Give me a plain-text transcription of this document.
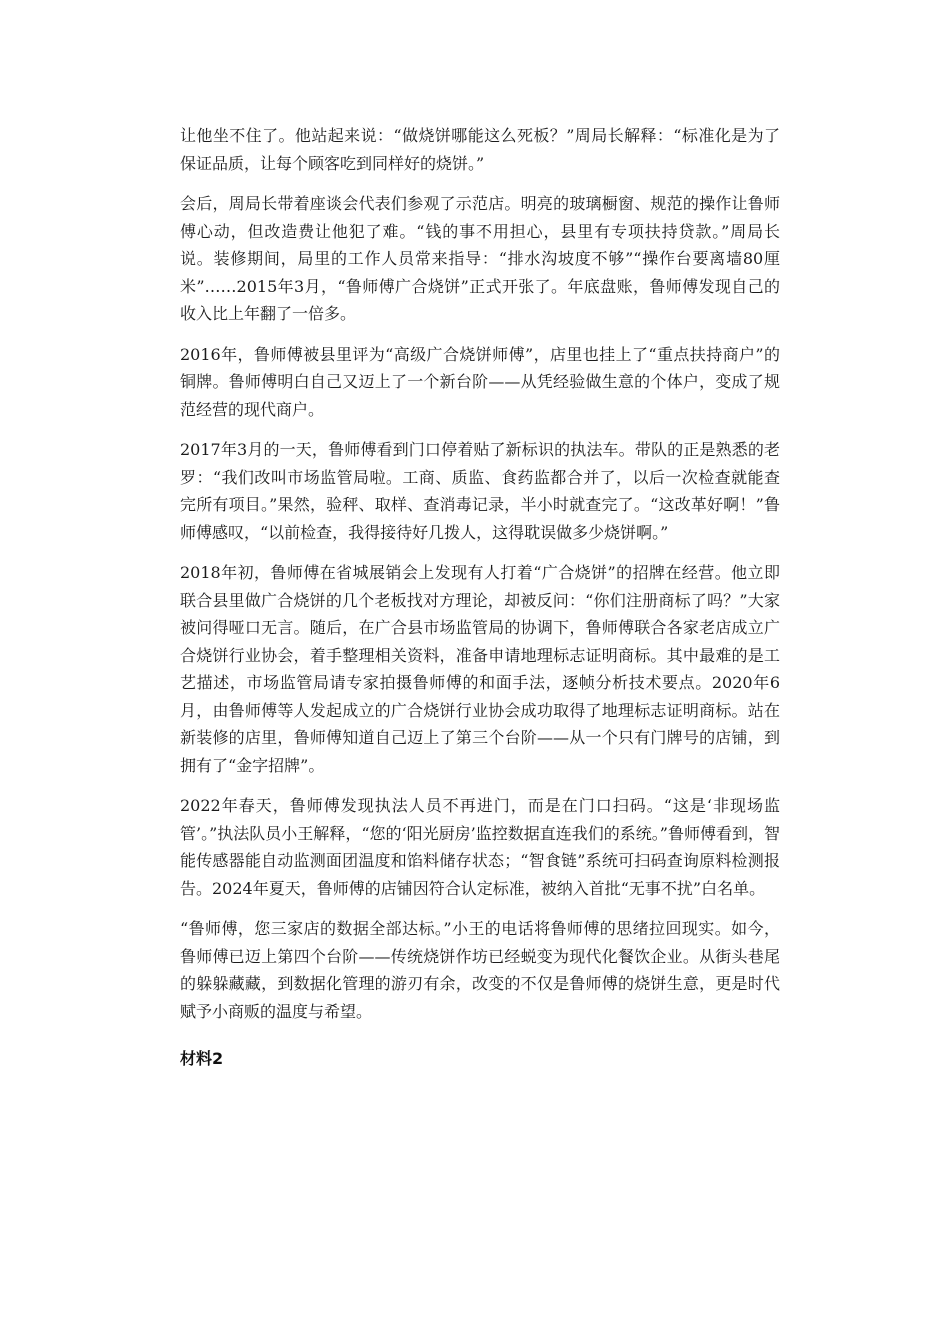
让他坐不住了。他站起来说：“做烧饼哪能这么死板？”周局长解释：“标准化是为了保证品质，让每个顾客吃到同样好的烧饼。”

会后，周局长带着座谈会代表们参观了示范店。明亮的玻璃橱窗、规范的操作让鲁师傅心动，但改造费让他犯了难。“钱的事不用担心，县里有专项扶持贷款。”周局长说。装修期间，局里的工作人员常来指导：“排水沟坡度不够”“操作台要离墙80厘米”……2015年3月，“鲁师傅广合烧饼”正式开张了。年底盘账，鲁师傅发现自己的收入比上年翻了一倍多。

2016年，鲁师傅被县里评为“高级广合烧饼师傅”，店里也挂上了“重点扶持商户”的铜牌。鲁师傅明白自己又迈上了一个新台阶——从凭经验做生意的个体户，变成了规范经营的现代商户。

2017年3月的一天，鲁师傅看到门口停着贴了新标识的执法车。带队的正是熟悉的老罗：“我们改叫市场监管局啦。工商、质监、食药监都合并了，以后一次检查就能查完所有项目。”果然，验秤、取样、查消毒记录，半小时就查完了。“这改革好啊！”鲁师傅感叹，“以前检查，我得接待好几拨人，这得耽误做多少烧饼啊。”

2018年初，鲁师傅在省城展销会上发现有人打着“广合烧饼”的招牌在经营。他立即联合县里做广合烧饼的几个老板找对方理论，却被反问：“你们注册商标了吗？”大家被问得哑口无言。随后，在广合县市场监管局的协调下，鲁师傅联合各家老店成立广合烧饼行业协会，着手整理相关资料，准备申请地理标志证明商标。其中最难的是工艺描述，市场监管局请专家拍摄鲁师傅的和面手法，逐帧分析技术要点。2020年6月，由鲁师傅等人发起成立的广合烧饼行业协会成功取得了地理标志证明商标。站在新装修的店里，鲁师傅知道自己迈上了第三个台阶——从一个只有门牌号的店铺，到拥有了“金字招牌”。

2022年春天，鲁师傅发现执法人员不再进门，而是在门口扫码。“这是‘非现场监管’。”执法队员小王解释，“您的‘阳光厨房’监控数据直连我们的系统。”鲁师傅看到，智能传感器能自动监测面团温度和馅料储存状态；“智食链”系统可扫码查询原料检测报告。2024年夏天，鲁师傅的店铺因符合认定标准，被纳入首批“无事不扰”白名单。

“鲁师傅，您三家店的数据全部达标。”小王的电话将鲁师傅的思绪拉回现实。如今，鲁师傅已迈上第四个台阶——传统烧饼作坊已经蜕变为现代化餐饮企业。从街头巷尾的躲躲藏藏，到数据化管理的游刃有余，改变的不仅是鲁师傅的烧饼生意，更是时代赋予小商贩的温度与希望。

材料2
